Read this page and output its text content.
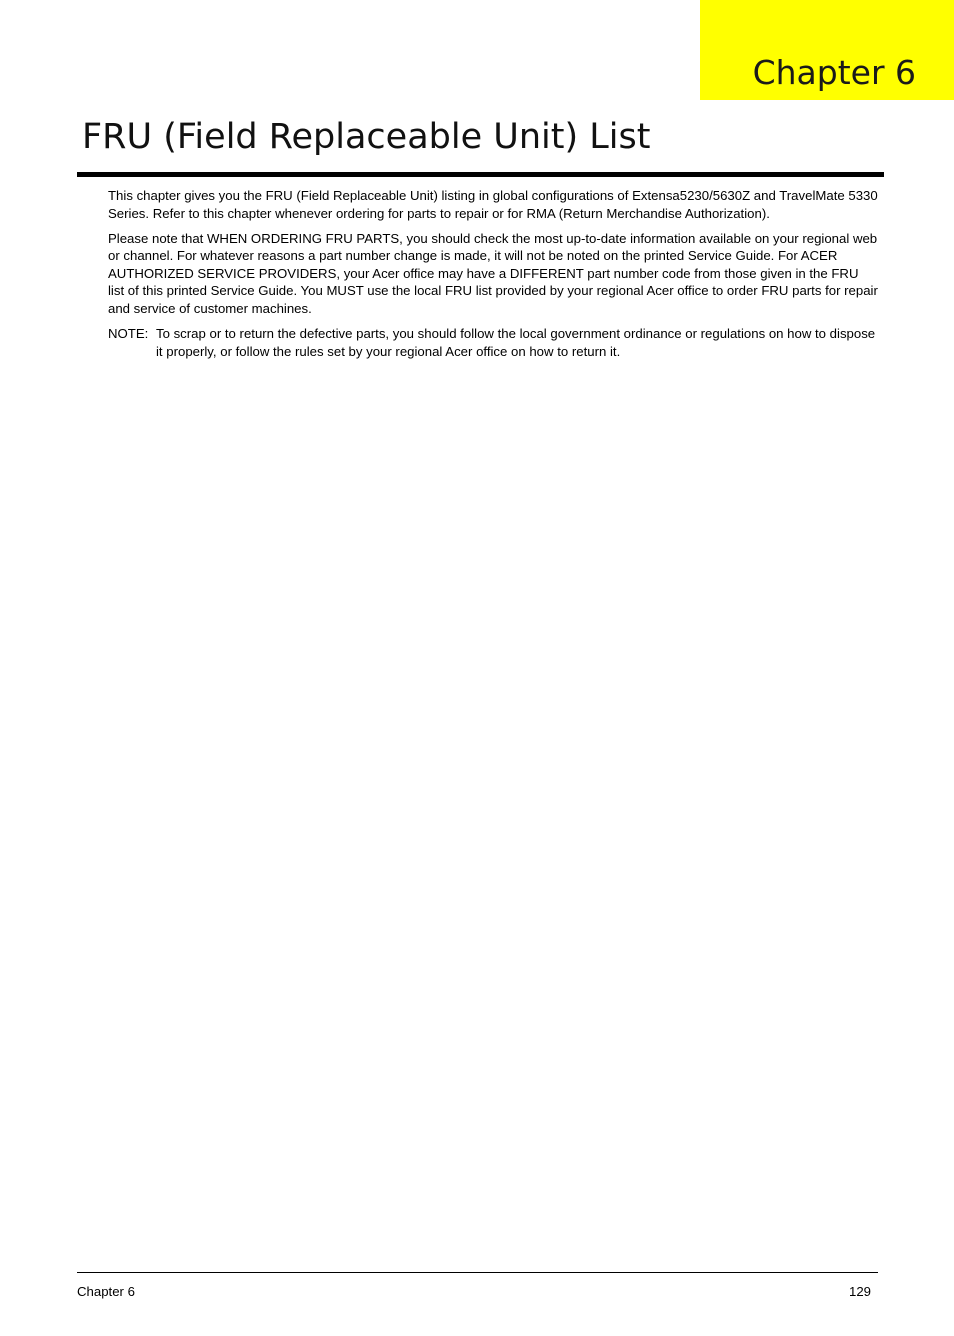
Chapter 6
FRU (Field Replaceable Unit) List

This chapter gives you the FRU (Field Replaceable Unit) listing in global configurations of Extensa5230/5630Z and TravelMate 5330 Series. Refer to this chapter whenever ordering for parts to repair or for RMA (Return Merchandise Authorization).

Please note that WHEN ORDERING FRU PARTS, you should check the most up-to-date information available on your regional web or channel. For whatever reasons a part number change is made, it will not be noted on the printed Service Guide. For ACER AUTHORIZED SERVICE PROVIDERS, your Acer office may have a DIFFERENT part number code from those given in the FRU list of this printed Service Guide. You MUST use the local FRU list provided by your regional Acer office to order FRU parts for repair and service of customer machines.

NOTE: To scrap or to return the defective parts, you should follow the local government ordinance or regulations on how to dispose it properly, or follow the rules set by your regional Acer office on how to return it.
Chapter 6	129
